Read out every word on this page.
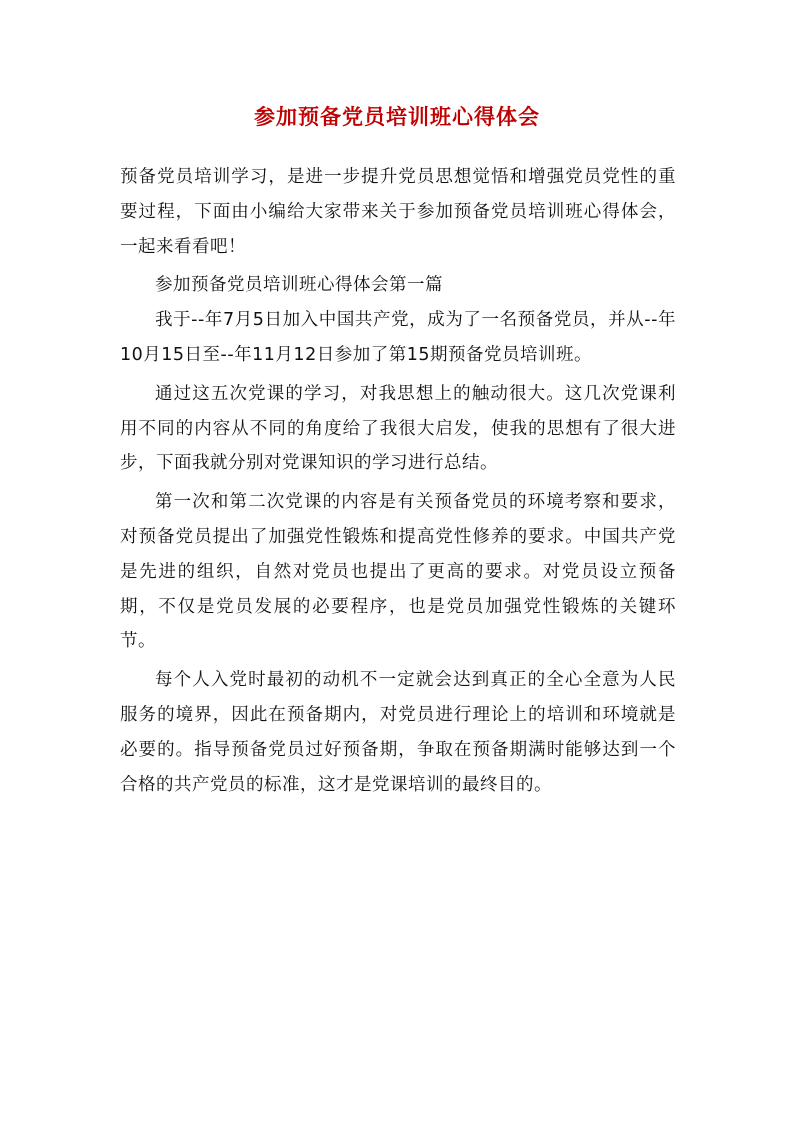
参加预备党员培训班心得体会

预备党员培训学习，是进一步提升党员思想觉悟和增强党员党性的重要过程，下面由小编给大家带来关于参加预备党员培训班心得体会，一起来看看吧！

参加预备党员培训班心得体会第一篇

我于--年7月5日加入中国共产党，成为了一名预备党员，并从--年10月15日至--年11月12日参加了第15期预备党员培训班。

通过这五次党课的学习，对我思想上的触动很大。这几次党课利用不同的内容从不同的角度给了我很大启发，使我的思想有了很大进步，下面我就分别对党课知识的学习进行总结。

第一次和第二次党课的内容是有关预备党员的环境考察和要求，对预备党员提出了加强党性锻炼和提高党性修养的要求。中国共产党是先进的组织，自然对党员也提出了更高的要求。对党员设立预备期，不仅是党员发展的必要程序，也是党员加强党性锻炼的关键环节。

每个人入党时最初的动机不一定就会达到真正的全心全意为人民服务的境界，因此在预备期内，对党员进行理论上的培训和环境就是必要的。指导预备党员过好预备期，争取在预备期满时能够达到一个合格的共产党员的标准，这才是党课培训的最终目的。
